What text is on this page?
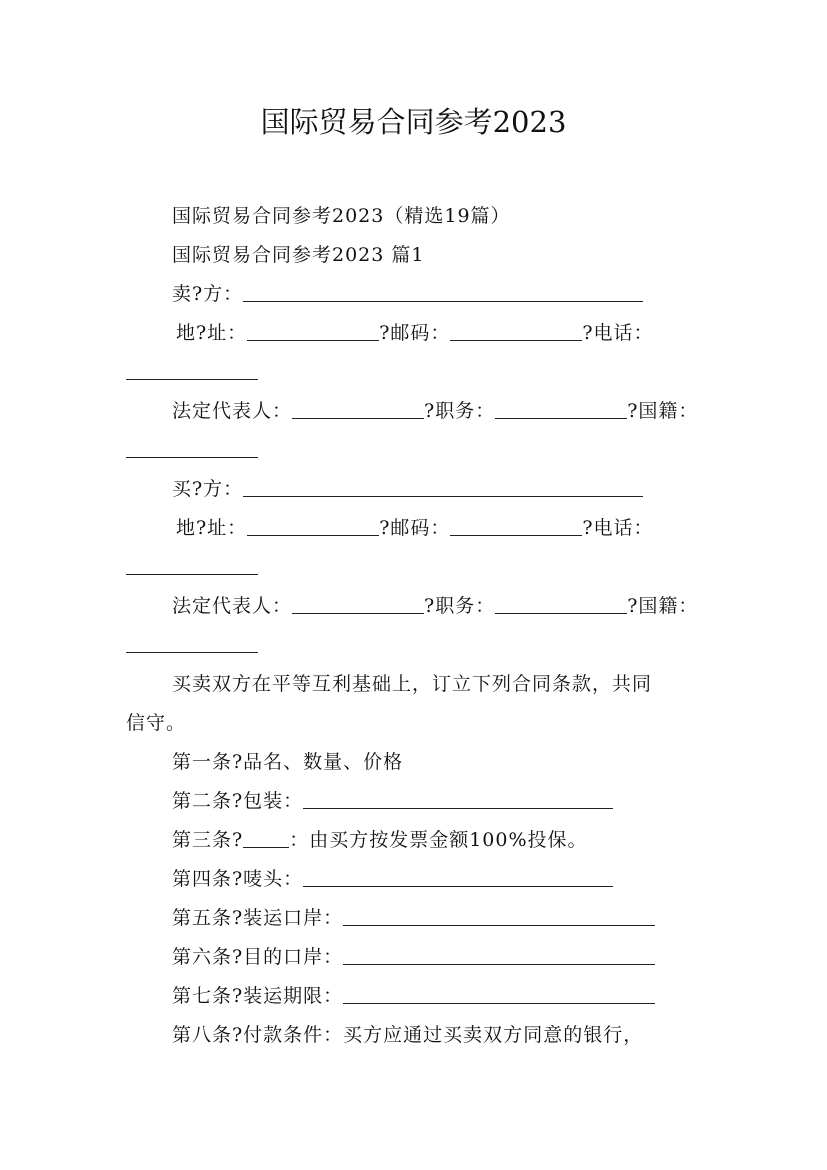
国际贸易合同参考2023
国际贸易合同参考2023（精选19篇）
国际贸易合同参考2023 篇1
卖?方：
地?址：	?邮码：	?电话：
法定代表人：	?职务：	?国籍：
买?方：
地?址：	?邮码：	?电话：
法定代表人：	?职务：	?国籍：
买卖双方在平等互利基础上，订立下列合同条款，共同
信守。
第一条?品名、数量、价格
第二条?包装：
第三条? ：由买方按发票金额100%投保。
第四条?唛头：
第五条?装运口岸：
第六条?目的口岸：
第七条?装运期限：
第八条?付款条件：买方应通过买卖双方同意的银行，
